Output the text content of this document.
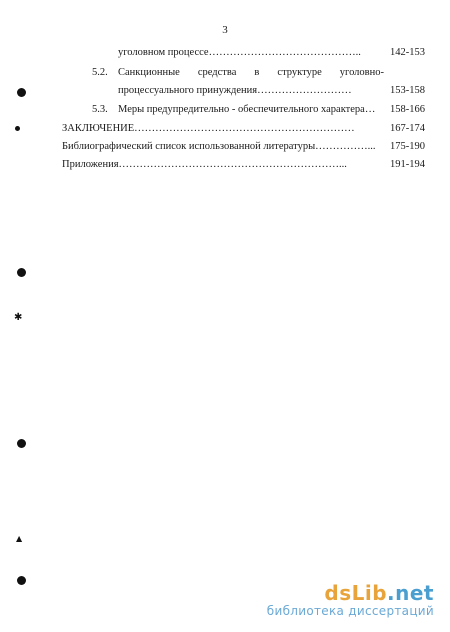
3
уголовном процессе……………………………………..	142-153
5.2. Санкционные средства в структуре уголовно-
процессуального принуждения………………………	153-158
5.3. Меры предупредительно - обеспечительного характера…	158-166
ЗАКЛЮЧЕНИЕ………………………………………………………	167-174
Библиографический список использованной литературы……………...	175-190
Приложения………………………………………………………...	191-194
✱
▲
dsLib.net
библиотека диссертаций
